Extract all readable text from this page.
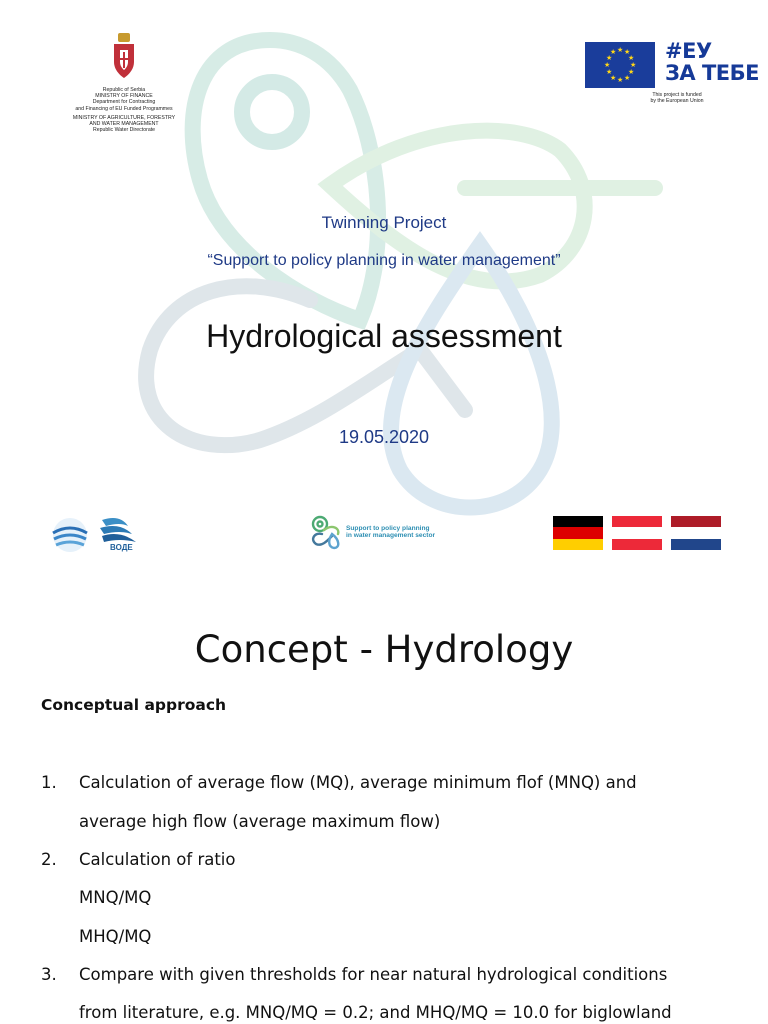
Republic of Serbia
MINISTRY OF FINANCE
Department for Contracting
and Financing of EU Funded Programmes
MINISTRY OF AGRICULTURE, FORESTRY
AND WATER MANAGEMENT
Republic Water Directorate
★ ★
★
★
★
★
★
★
★
★
★
★ #ЕУ
ЗА ТЕБЕ
This project is funded
by the European Union
Twinning Project
“Support to policy planning in water management”
Hydrological assessment
19.05.2020
ВОДЕ
Support to policy planning
in water management sector
Concept - Hydrology
Conceptual approach
1. Calculation of average flow (MQ), average minimum flof (MNQ) and
average high flow (average maximum flow)
2. Calculation of ratio
MNQ/MQ
MHQ/MQ
3. Compare with given thresholds for near natural hydrological conditions
from literature, e.g. MNQ/MQ = 0.2; and MHQ/MQ = 10.0 for biglowland
